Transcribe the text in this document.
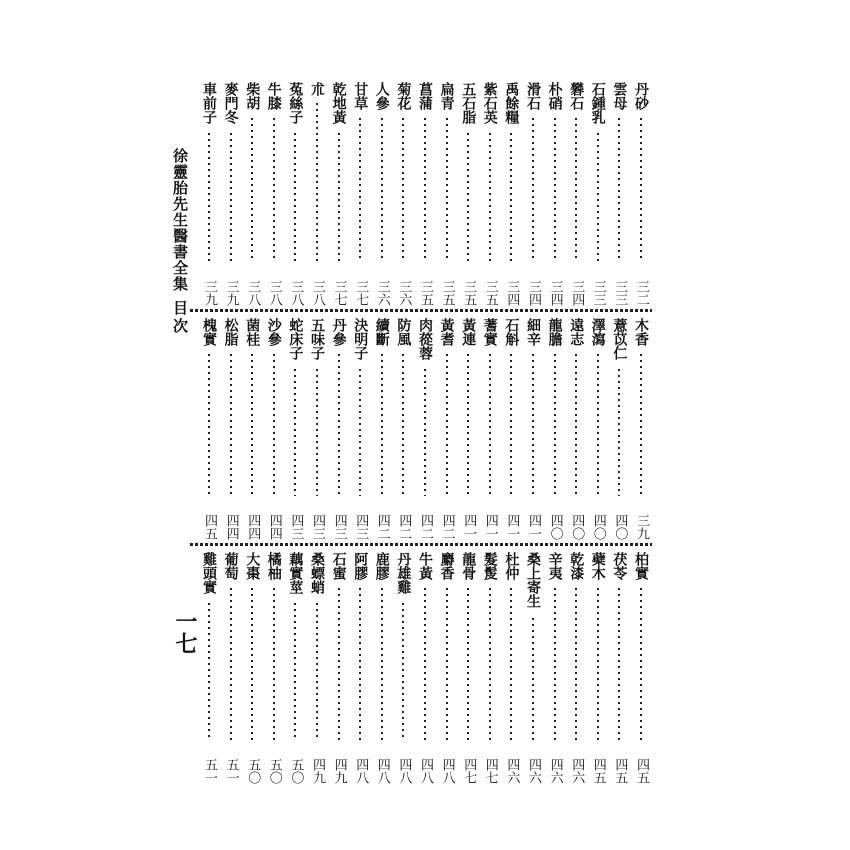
徐靈胎先生醫書全集
目次
一七
丹砂
三二
雲母
三三
石鍾乳
三三
礬石
三四
朴硝
三四
滑石
三四
禹餘糧
三四
紫石英
三五
五石脂
三五
扁青
三五
菖蒲
三五
菊花
三六
人參
三六
甘草
三七
乾地黃
三七
朮
三八
菟絲子
三八
牛膝
三八
柴胡
三八
麥門冬
三九
車前子
三九
木香
三九
薏苡仁
四〇
澤瀉
四〇
遠志
四〇
龍膽
四〇
細辛
四一
石斛
四一
蓍實
四一
黃連
四一
黃耆
四二
肉蓯蓉
四二
防風
四二
續斷
四二
決明子
四三
丹參
四三
五味子
四三
蛇床子
四三
沙參
四四
菌桂
四四
松脂
四四
槐實
四五
柏實
四五
茯苓
四五
蘗木
四五
乾漆
四六
辛夷
四六
桑上寄生
四六
杜仲
四六
髮髲
四七
龍骨
四七
麝香
四八
牛黃
四八
丹雄雞
四八
鹿膠
四八
阿膠
四八
石蜜
四九
桑螵蛸
四九
藕實莖
五〇
橘柚
五〇
大棗
五〇
葡萄
五一
雞頭實
五一
